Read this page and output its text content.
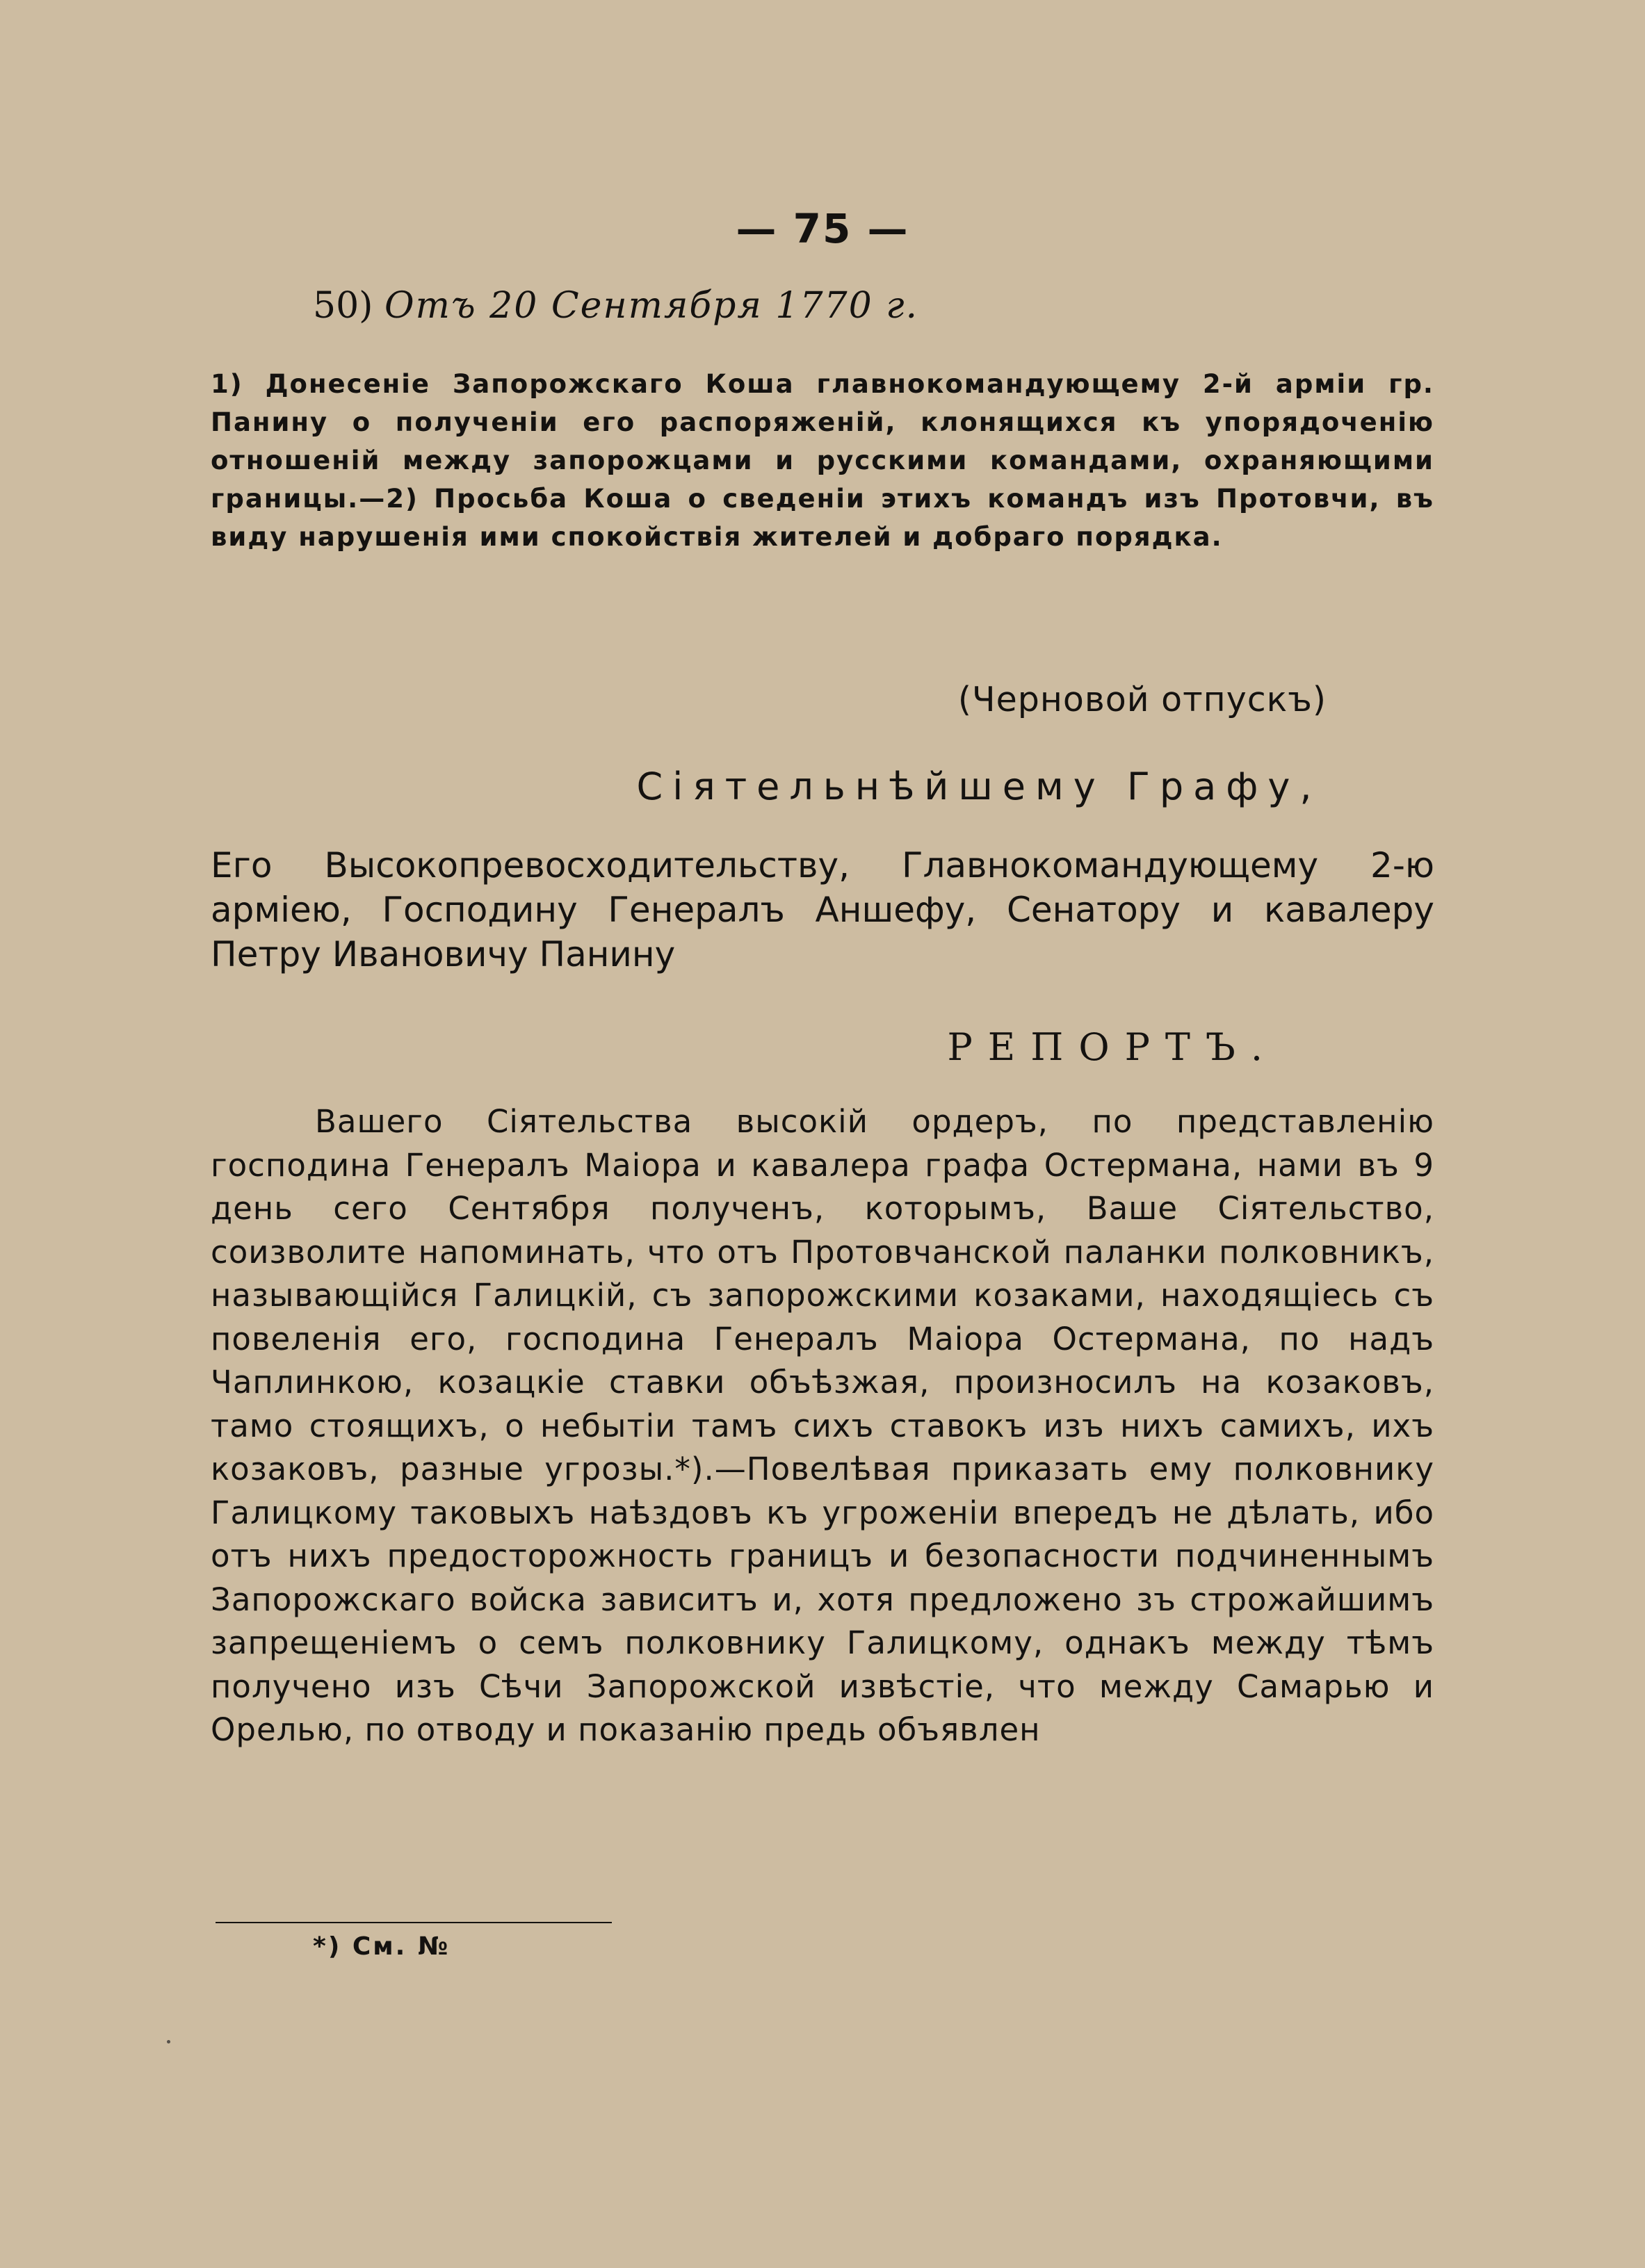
— 75 —
50) Отъ 20 Сентября 1770 г.
1) Донесеніе Запорожскаго Коша главнокомандующему 2-й арміи гр. Панину о полученіи его распоряженій, клонящихся къ упорядоченію отношеній между запорожцами и русскими командами, охраняющими границы.—2) Просьба Коша о сведеніи этихъ командъ изъ Протовчи, въ виду нарушенія ими спокойствія жителей и добраго порядка.
(Черновой отпускъ)
Сіятельнѣйшему Графу,
Его Высокопревосходительству, Главнокомандующему 2-ю арміею, Господину Генералъ Аншефу, Сенатору и кавалеру Петру Ивановичу Панину
РЕПОРТЪ.
Вашего Сіятельства высокій ордеръ, по представленію господина Генералъ Маіора и кавалера графа Остермана, нами въ 9 день сего Сентября полученъ, которымъ, Ваше Сіятельство, соизволите напоминать, что отъ Протовчанской паланки полковникъ, называющійся Галицкій, съ запорожскими козаками, находящіесь съ повеленія его, господина Генералъ Маіора Остермана, по надъ Чаплинкою, козацкіе ставки объѣзжая, произносилъ на козаковъ, тамо стоящихъ, о небытіи тамъ сихъ ставокъ изъ нихъ самихъ, ихъ козаковъ, разные угрозы.*).—Повелѣвая приказать ему полковнику Галицкому таковыхъ наѣздовъ къ угроженіи впередъ не дѣлать, ибо отъ нихъ предосторожность границъ и безопасности подчиненнымъ Запорожскаго войска зависитъ и, хотя предложено зъ строжайшимъ запрещеніемъ о семъ полковнику Галицкому, однакъ между тѣмъ получено изъ Сѣчи Запорожской извѣстіе, что между Самарью и Орелью, по отводу и показанію предь объявлен
*) См. №
